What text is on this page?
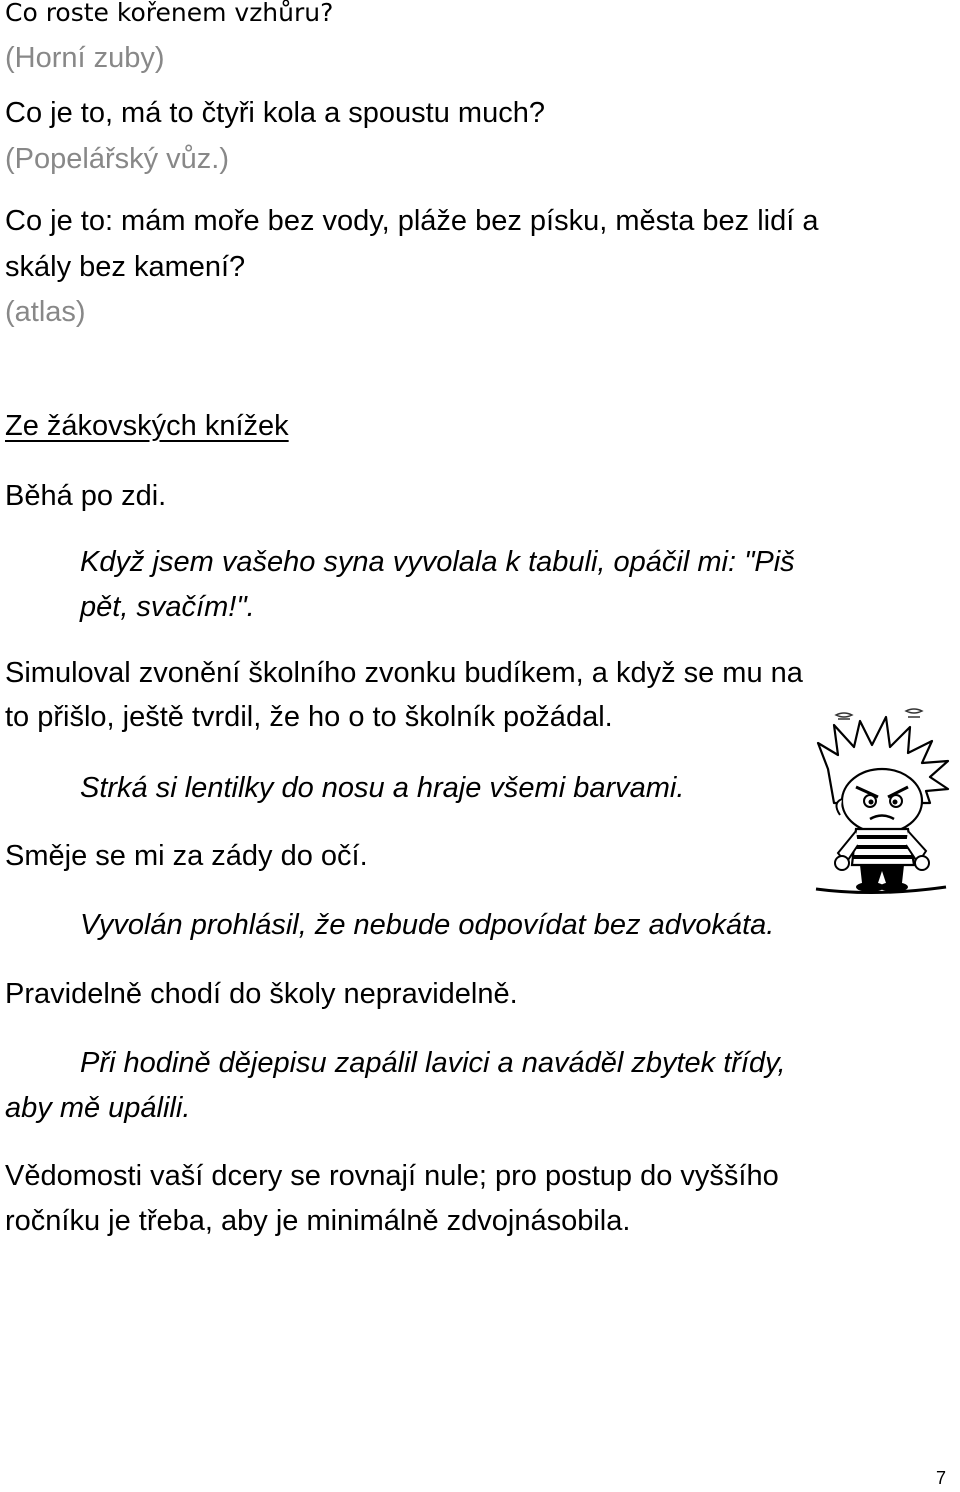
Co roste kořenem vzhůru?

(Horní zuby)

Co je to, má to čtyři kola a spoustu much?

(Popelářský vůz.)

Co je to: mám moře bez vody, pláže bez písku, města bez lidí a

skály bez kamení?

(atlas)

Ze žákovských knížek

Běhá po zdi.

Když jsem vašeho syna vyvolala k tabuli, opáčil mi: "Piš

pět, svačím!".

Simuloval zvonění školního zvonku budíkem, a když se mu na

to přišlo, ještě tvrdil, že ho o to školník požádal.

Strká si lentilky do nosu a hraje všemi barvami.

Směje se mi za zády do očí.

Vyvolán prohlásil, že nebude odpovídat bez advokáta.

Pravidelně chodí do školy nepravidelně.

Při hodině dějepisu zapálil lavici a naváděl zbytek třídy,

aby mě upálili.

Vědomosti vaší dcery se rovnají nule; pro postup do vyššího

ročníku je třeba, aby je minimálně zdvojnásobila.

7
